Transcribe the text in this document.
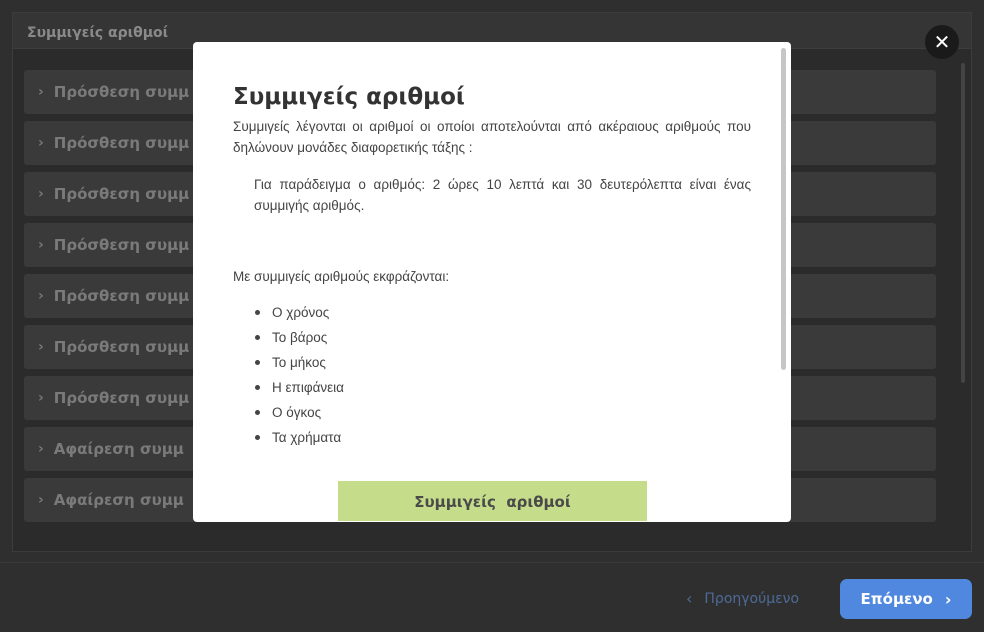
Συμμιγείς αριθμοί
› Πρόσθεση συμμ
› Πρόσθεση συμμ
› Πρόσθεση συμμ
› Πρόσθεση συμμ
› Πρόσθεση συμμ
› Πρόσθεση συμμ
› Πρόσθεση συμμ
› Αφαίρεση συμμ
› Αφαίρεση συμμ
‹ Προηγούμενο	Επόμενο ›
Συμμιγείς αριθμοί
Συμμιγείς λέγονται οι αριθμοί οι οποίοι αποτελούνται από ακέραιους αριθμούς που δηλώνουν μονάδες διαφορετικής τάξης :
Για παράδειγμα ο αριθμός: 2 ώρες 10 λεπτά και 30 δευτερόλεπτα είναι ένας συμμιγής αριθμός.
Με συμμιγείς αριθμούς εκφράζονται:
Ο χρόνος
Το βάρος
Το μήκος
Η επιφάνεια
Ο όγκος
Τα χρήματα
Συμμιγείς  αριθμοί
✕
